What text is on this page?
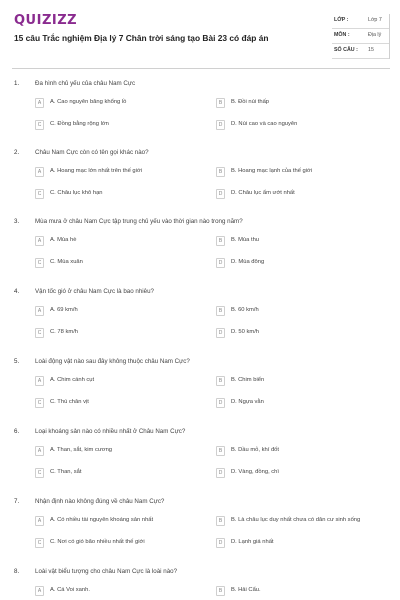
QUIZIZZ
15 câu Trắc nghiệm Địa lý 7 Chân trời sáng tạo Bài 23 có đáp án
LỚP :	Lớp 7
MÔN :	Địa lý
SỐ CÂU : 15
1.	Đa hình chủ yếu của châu Nam Cực
A	A. Cao nguyên băng khổng lồ	B	B. Đồi núi thấp
C	C. Đồng bằng rộng lớn	D	D. Núi cao và cao nguyên
2.	Châu Nam Cực còn có tên gọi khác nào?
A	A. Hoang mạc lớn nhất trên thế giới	B	B. Hoang mạc lạnh của thế giới
C	C. Châu lục khô hạn	D	D. Châu lục ẩm ướt nhất
3.	Mùa mưa ở châu Nam Cực tập trung chủ yếu vào thời gian nào trong năm?
A	A. Mùa hè	B	B. Mùa thu
C	C. Mùa xuân	D	D. Mùa đông
4.	Vận tốc gió ở châu Nam Cực là bao nhiêu?
A	A. 69 km/h	B	B. 60 km/h
C	C. 78 km/h	D	D. 50 km/h
5.	Loài động vật nào sau đây không thuộc châu Nam Cực?
A	A. Chim cánh cụt	B	B. Chim biển
C	C. Thú chân vịt	D	D. Ngựa vằn
6.	Loại khoáng sản nào có nhiều nhất ở Châu Nam Cực?
A	A. Than, sắt, kim cương	B	B. Dầu mỏ, khí đốt
C	C. Than, sắt	D	D. Vàng, đồng, chì
7.	Nhận định nào không đúng về châu Nam Cực?
A	A. Có nhiều tài nguyên khoáng sản nhất	B	B. Là châu lục duy nhất chưa có dân cư sinh sống
C	C. Nơi có gió bão nhiều nhất thế giới	D	D. Lạnh giá nhất
8.	Loài vật biểu tượng cho châu Nam Cực là loài nào?
A	A. Cá Voi xanh.	B	B. Hải Cẩu.
